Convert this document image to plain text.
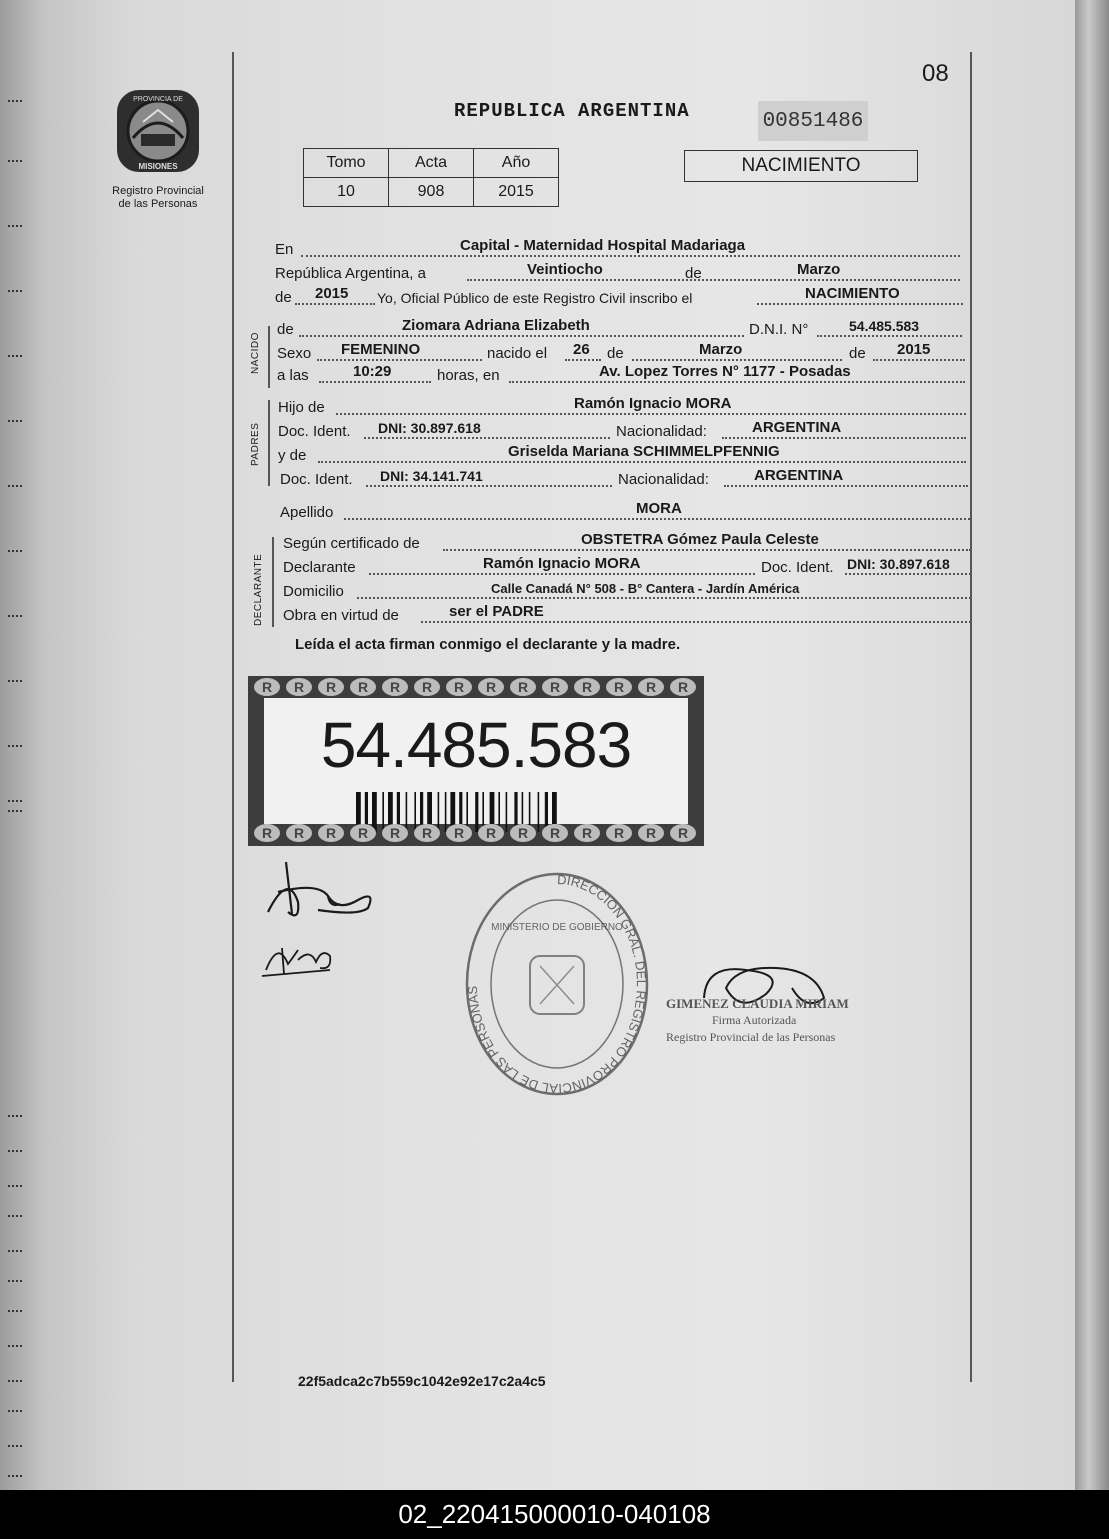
08
REPUBLICA ARGENTINA	00851486
PROVINCIA DE
MISIONES
Registro Provincial
de las Personas
Tomo	Acta	Año
10	908	2015
NACIMIENTO
En	Capital - Maternidad Hospital Madariaga
República Argentina, a	Veintiocho	de	Marzo
de 2015 Yo, Oficial Público de este Registro Civil inscribo el	NACIMIENTO
NACIDO
de	Ziomara Adriana Elizabeth	D.N.I. N°	54.485.583
Sexo FEMENINO	nacido el 26 de	Marzo	de 2015
a las	10:29	horas, en	Av. Lopez Torres N° 1177 - Posadas
PADRES
Hijo de	Ramón Ignacio MORA
Doc. Ident. DNI: 30.897.618	Nacionalidad:	ARGENTINA
y de	Griselda Mariana SCHIMMELPFENNIG
Doc. Ident. DNI: 34.141.741	Nacionalidad:	ARGENTINA
Apellido	MORA
DECLARANTE
Según certificado de	OBSTETRA Gómez Paula Celeste
Declarante	Ramón Ignacio MORA	Doc. Ident. DNI: 30.897.618
Domicilio	Calle Canadá N° 508 - B° Cantera - Jardín América
Obra en virtud de	ser el PADRE
Leída el acta firman conmigo el declarante y la madre.
R	R	R	R	R	R	R	R	R	R	R	R	R	R
54.485.583
R	R	R	R	R	R	R	R	R	R	R	R	R	R
DIRECCION GRAL. DEL REGISTRO PROVINCIAL DE LAS PERSONAS
MINISTERIO DE GOBIERNO
GIMENEZ CLAUDIA MIRIAM
Firma Autorizada
Registro Provincial de las Personas
22f5adca2c7b559c1042e92e17c2a4c5
02_220415000010-040108
